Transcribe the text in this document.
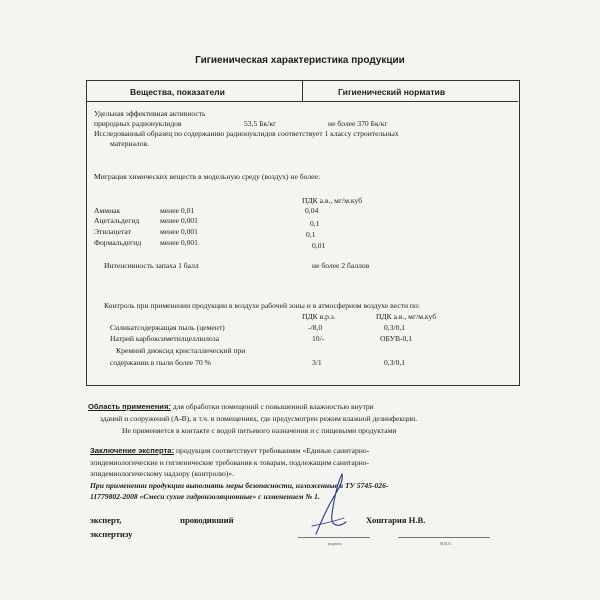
Гигиеническая характеристика продукции
Вещества, показатели	Гигиенический норматив
Удельная эффективная активность
природных радионуклидов	53,5 Бк/кг	не более 370 Бк/кг
Исследованный образец по содержанию радионуклидов соответствует 1 классу строительных
материалов.
Миграция химических веществ в модельную среду (воздух) не более:
ПДК а.в., мг/м.куб
Аммиак	менее 0,01	0,04
Ацетальдегид	менее 0,001	0,1
Этилацетат	менее 0,001	0,1
Формальдегид менее 0,001	0,01
Интенсивность запаха 1 балл	не более 2 баллов
Контроль при применении продукции в воздухе рабочей зоны и в атмосферном воздухе вести по:
ПДК в.р.з.	ПДК а.в., мг/м.куб
Силикатсодержащая пыль (цемент)	-/8,0	0,3/0,1
Натрий карбоксиметилцеллюлоза	10/-	ОБУВ-0,1
Кремний диоксид кристаллический при
содержании в пыли более 70 %	3/1	0,3/0,1
Область применения: для обработки помещений с повышенной влажностью внутри
зданий и сооружений (А-В), в т.ч. в помещениях, где предусмотрен режим влажной дезинфекции.
Не применяется в контакте с водой питьевого назначения и с пищевыми продуктами
Заключение эксперта: продукция соответствует требованиям «Единые санитарно-
эпидемиологические и гигиенические требования к товарам, подлежащим санитарно-
эпидемиологическому надзору (контролю)».
При применении продукции выполнять меры безопасности, изложенные в ТУ 5745-026-
11779802-2008 «Смеси сухие гидроизоляционные» с изменением № 1.
эксперт,	проводивший
экспертизу
Хоштария Н.В.
подпись	Ф.И.О.
